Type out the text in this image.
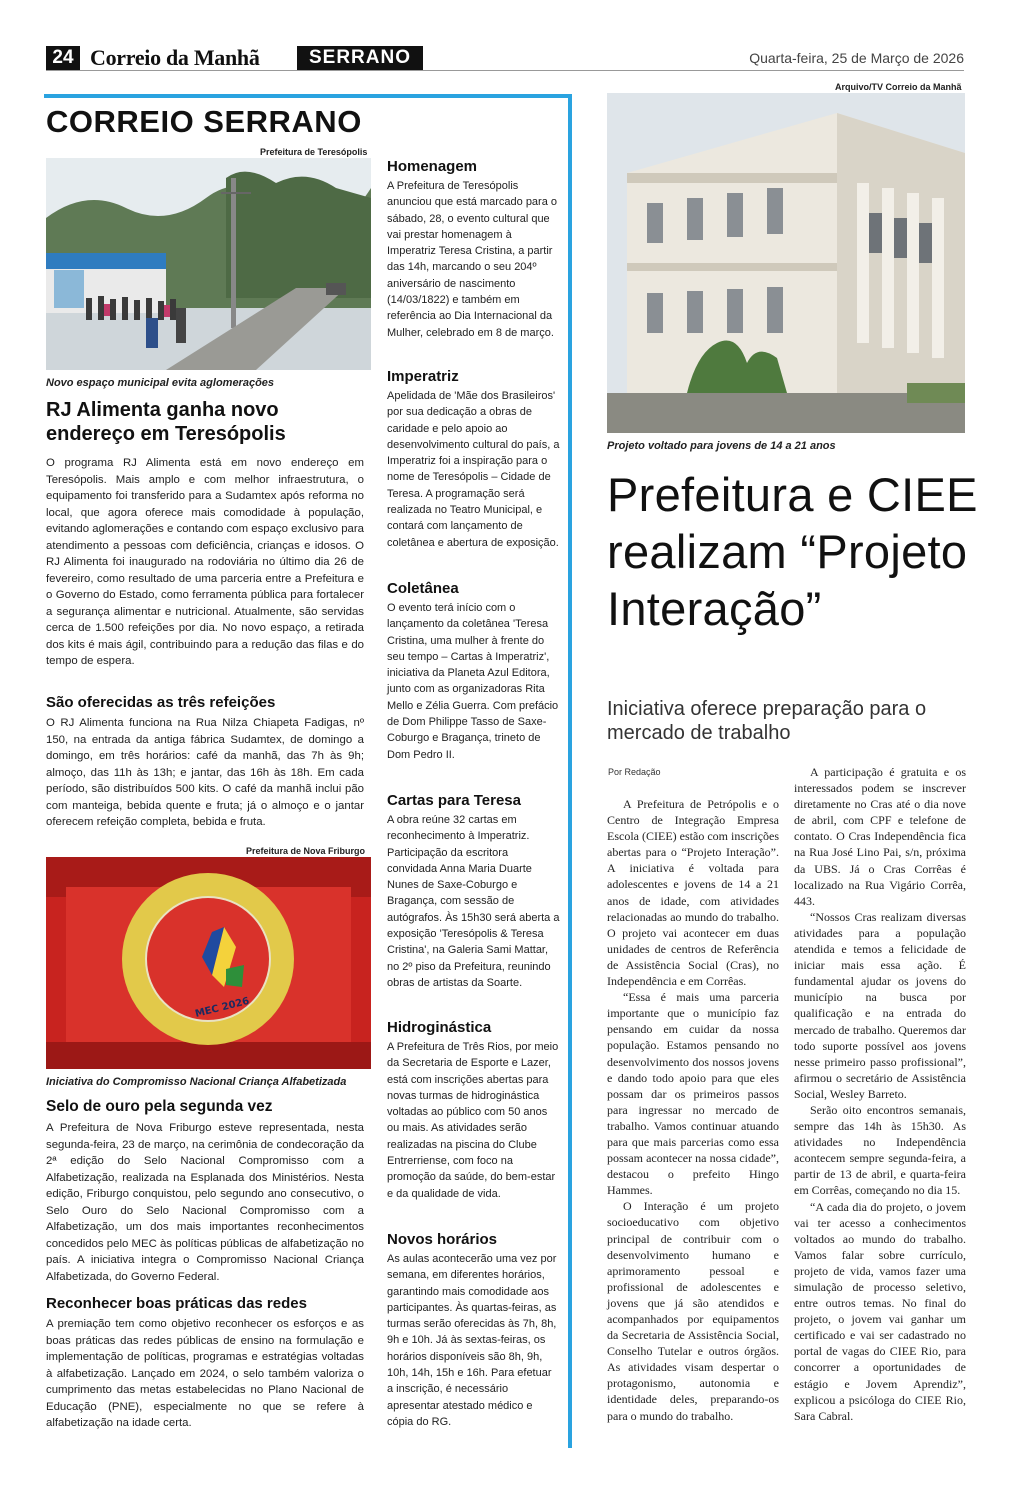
24 Correio da Manhã	SERRANO	Quarta-feira, 25 de Março de 2026
CORREIO SERRANO
Prefeitura de Teresópolis
Novo espaço municipal evita aglomerações
RJ Alimenta ganha novo endereço em Teresópolis
O programa RJ Alimenta está em novo endereço em Teresópolis. Mais amplo e com melhor infraestrutura, o equipamento foi transferido para a Sudamtex após reforma no local, que agora oferece mais comodidade à população, evitando aglomerações e contando com espaço exclusivo para atendimento a pessoas com deficiência, crianças e idosos. O RJ Alimenta foi inaugurado na rodoviária no último dia 26 de fevereiro, como resultado de uma parceria entre a Prefeitura e o Governo do Estado, como ferramenta pública para fortalecer a segurança alimentar e nutricional. Atualmente, são servidas cerca de 1.500 refeições por dia. No novo espaço, a retirada dos kits é mais ágil, contribuindo para a redução das filas e do tempo de espera.
São oferecidas as três refeições
O RJ Alimenta funciona na Rua Nilza Chiapeta Fadigas, nº 150, na entrada da antiga fábrica Sudamtex, de domingo a domingo, em três horários: café da manhã, das 7h às 9h; almoço, das 11h às 13h; e jantar, das 16h às 18h. Em cada período, são distribuídos 500 kits. O café da manhã inclui pão com manteiga, bebida quente e fruta; já o almoço e o jantar oferecem refeição completa, bebida e fruta.
Prefeitura de Nova Friburgo
MEC 2026
Iniciativa do Compromisso Nacional Criança Alfabetizada
Selo de ouro pela segunda vez
A Prefeitura de Nova Friburgo esteve representada, nesta segunda-feira, 23 de março, na cerimônia de condecoração da 2ª edição do Selo Nacional Compromisso com a Alfabetização, realizada na Esplanada dos Ministérios. Nesta edição, Friburgo conquistou, pelo segundo ano consecutivo, o Selo Ouro do Selo Nacional Compromisso com a Alfabetização, um dos mais importantes reconhecimentos concedidos pelo MEC às políticas públicas de alfabetização no país. A iniciativa integra o Compromisso Nacional Criança Alfabetizada, do Governo Federal.
Reconhecer boas práticas das redes
A premiação tem como objetivo reconhecer os esforços e as boas práticas das redes públicas de ensino na formulação e implementação de políticas, programas e estratégias voltadas à alfabetização. Lançado em 2024, o selo também valoriza o cumprimento das metas estabelecidas no Plano Nacional de Educação (PNE), especialmente no que se refere à alfabetização na idade certa.
Homenagem
A Prefeitura de Teresópolis anunciou que está marcado para o sábado, 28, o evento cultural que vai prestar homenagem à Imperatriz Teresa Cristina, a partir das 14h, marcando o seu 204º aniversário de nascimento (14/03/1822) e também em referência ao Dia Internacional da Mulher, celebrado em 8 de março.
Imperatriz
Apelidada de 'Mãe dos Brasileiros' por sua dedicação a obras de caridade e pelo apoio ao desenvolvimento cultural do país, a Imperatriz foi a inspiração para o nome de Teresópolis – Cidade de Teresa. A programação será realizada no Teatro Municipal, e contará com lançamento de coletânea e abertura de exposição.
Coletânea
O evento terá início com o lançamento da coletânea 'Teresa Cristina, uma mulher à frente do seu tempo – Cartas à Imperatriz', iniciativa da Planeta Azul Editora, junto com as organizadoras Rita Mello e Zélia Guerra. Com prefácio de Dom Philippe Tasso de Saxe-Coburgo e Bragança, trineto de Dom Pedro II.
Cartas para Teresa
A obra reúne 32 cartas em reconhecimento à Imperatriz. Participação da escritora convidada Anna Maria Duarte Nunes de Saxe-Coburgo e Bragança, com sessão de autógrafos. Às 15h30 será aberta a exposição 'Teresópolis & Teresa Cristina', na Galeria Sami Mattar, no 2º piso da Prefeitura, reunindo obras de artistas da Soarte.
Hidroginástica
A Prefeitura de Três Rios, por meio da Secretaria de Esporte e Lazer, está com inscrições abertas para novas turmas de hidroginástica voltadas ao público com 50 anos ou mais. As atividades serão realizadas na piscina do Clube Entrerriense, com foco na promoção da saúde, do bem-estar e da qualidade de vida.
Novos horários
As aulas acontecerão uma vez por semana, em diferentes horários, garantindo mais comodidade aos participantes. Às quartas-feiras, as turmas serão oferecidas às 7h, 8h, 9h e 10h. Já às sextas-feiras, os horários disponíveis são 8h, 9h, 10h, 14h, 15h e 16h. Para efetuar a inscrição, é necessário apresentar atestado médico e cópia do RG.
Arquivo/TV Correio da Manhã
Projeto voltado para jovens de 14 a 21 anos
Prefeitura e CIEE realizam “Projeto Interação”
Iniciativa oferece preparação para o mercado de trabalho
Por Redação

A Prefeitura de Petrópolis e o Centro de Integração Empresa Escola (CIEE) estão com inscrições abertas para o “Projeto Interação”. A iniciativa é voltada para adolescentes e jovens de 14 a 21 anos de idade, com atividades relacionadas ao mundo do trabalho. O projeto vai acontecer em duas unidades de centros de Referência de Assistência Social (Cras), no Independência e em Corrêas.

“Essa é mais uma parceria importante que o município faz pensando em cuidar da nossa população. Estamos pensando no desenvolvimento dos nossos jovens e dando todo apoio para que eles possam dar os primeiros passos para ingressar no mercado de trabalho. Vamos continuar atuando para que mais parcerias como essa possam acontecer na nossa cidade”, destacou o prefeito Hingo Hammes.

O Interação é um projeto socioeducativo com objetivo principal de contribuir com o desenvolvimento humano e aprimoramento pessoal e profissional de adolescentes e jovens que já são atendidos e acompanhados por equipamentos da Secretaria de Assistência Social, Conselho Tutelar e outros órgãos. As atividades visam despertar o protagonismo, autonomia e identidade deles, preparando-os para o mundo do trabalho.

A participação é gratuita e os interessados podem se inscrever diretamente no Cras até o dia nove de abril, com CPF e telefone de contato. O Cras Independência fica na Rua José Lino Pai, s/n, próxima da UBS. Já o Cras Corrêas é localizado na Rua Vigário Corrêa, 443.

“Nossos Cras realizam diversas atividades para a população atendida e temos a felicidade de iniciar mais essa ação. É fundamental ajudar os jovens do município na busca por qualificação e na entrada do mercado de trabalho. Queremos dar todo suporte possível aos jovens nesse primeiro passo profissional”, afirmou o secretário de Assistência Social, Wesley Barreto.

Serão oito encontros semanais, sempre das 14h às 15h30. As atividades no Independência acontecem sempre segunda-feira, a partir de 13 de abril, e quarta-feira em Corrêas, começando no dia 15.

“A cada dia do projeto, o jovem vai ter acesso a conhecimentos voltados ao mundo do trabalho. Vamos falar sobre currículo, projeto de vida, vamos fazer uma simulação de processo seletivo, entre outros temas. No final do projeto, o jovem vai ganhar um certificado e vai ser cadastrado no portal de vagas do CIEE Rio, para concorrer a oportunidades de estágio e Jovem Aprendiz”, explicou a psicóloga do CIEE Rio, Sara Cabral.
